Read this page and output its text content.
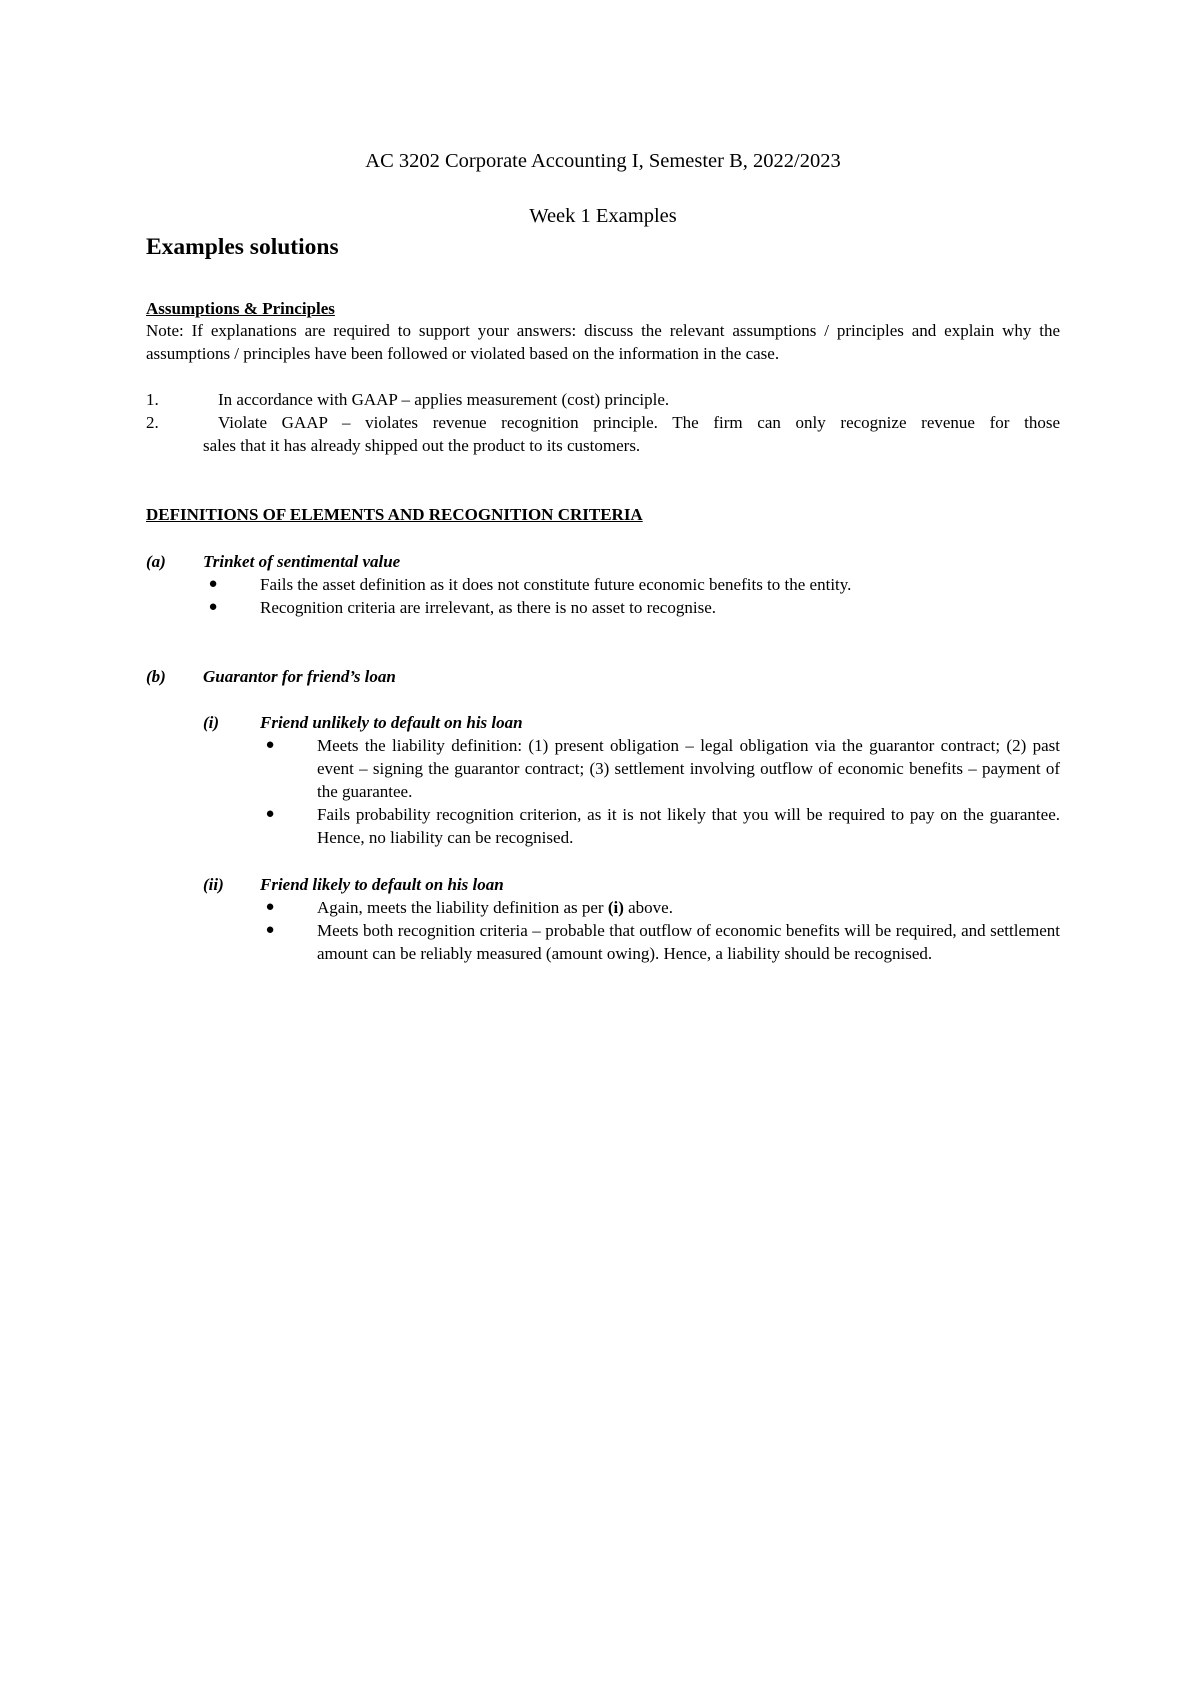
AC 3202 Corporate Accounting I, Semester B, 2022/2023
Week 1 Examples
Examples solutions
Assumptions & Principles
Note: If explanations are required to support your answers: discuss the relevant assumptions / principles and explain why the assumptions / principles have been followed or violated based on the information in the case.
1.	In accordance with GAAP – applies measurement (cost) principle.
2.	Violate GAAP – violates revenue recognition principle. The firm can only recognize revenue for those
sales that it has already shipped out the product to its customers.
DEFINITIONS OF ELEMENTS AND RECOGNITION CRITERIA
(a) Trinket of sentimental value
●	Fails the asset definition as it does not constitute future economic benefits to the entity.
●	Recognition criteria are irrelevant, as there is no asset to recognise.
(b) Guarantor for friend’s loan
(i) Friend unlikely to default on his loan
●	Meets the liability definition: (1) present obligation – legal obligation via the guarantor contract; (2) past event – signing the guarantor contract; (3) settlement involving outflow of economic benefits – payment of the guarantee.
●	Fails probability recognition criterion, as it is not likely that you will be required to pay on the guarantee. Hence, no liability can be recognised.
(ii) Friend likely to default on his loan
●	Again, meets the liability definition as per (i) above.
●	Meets both recognition criteria – probable that outflow of economic benefits will be required, and settlement amount can be reliably measured (amount owing). Hence, a liability should be recognised.
